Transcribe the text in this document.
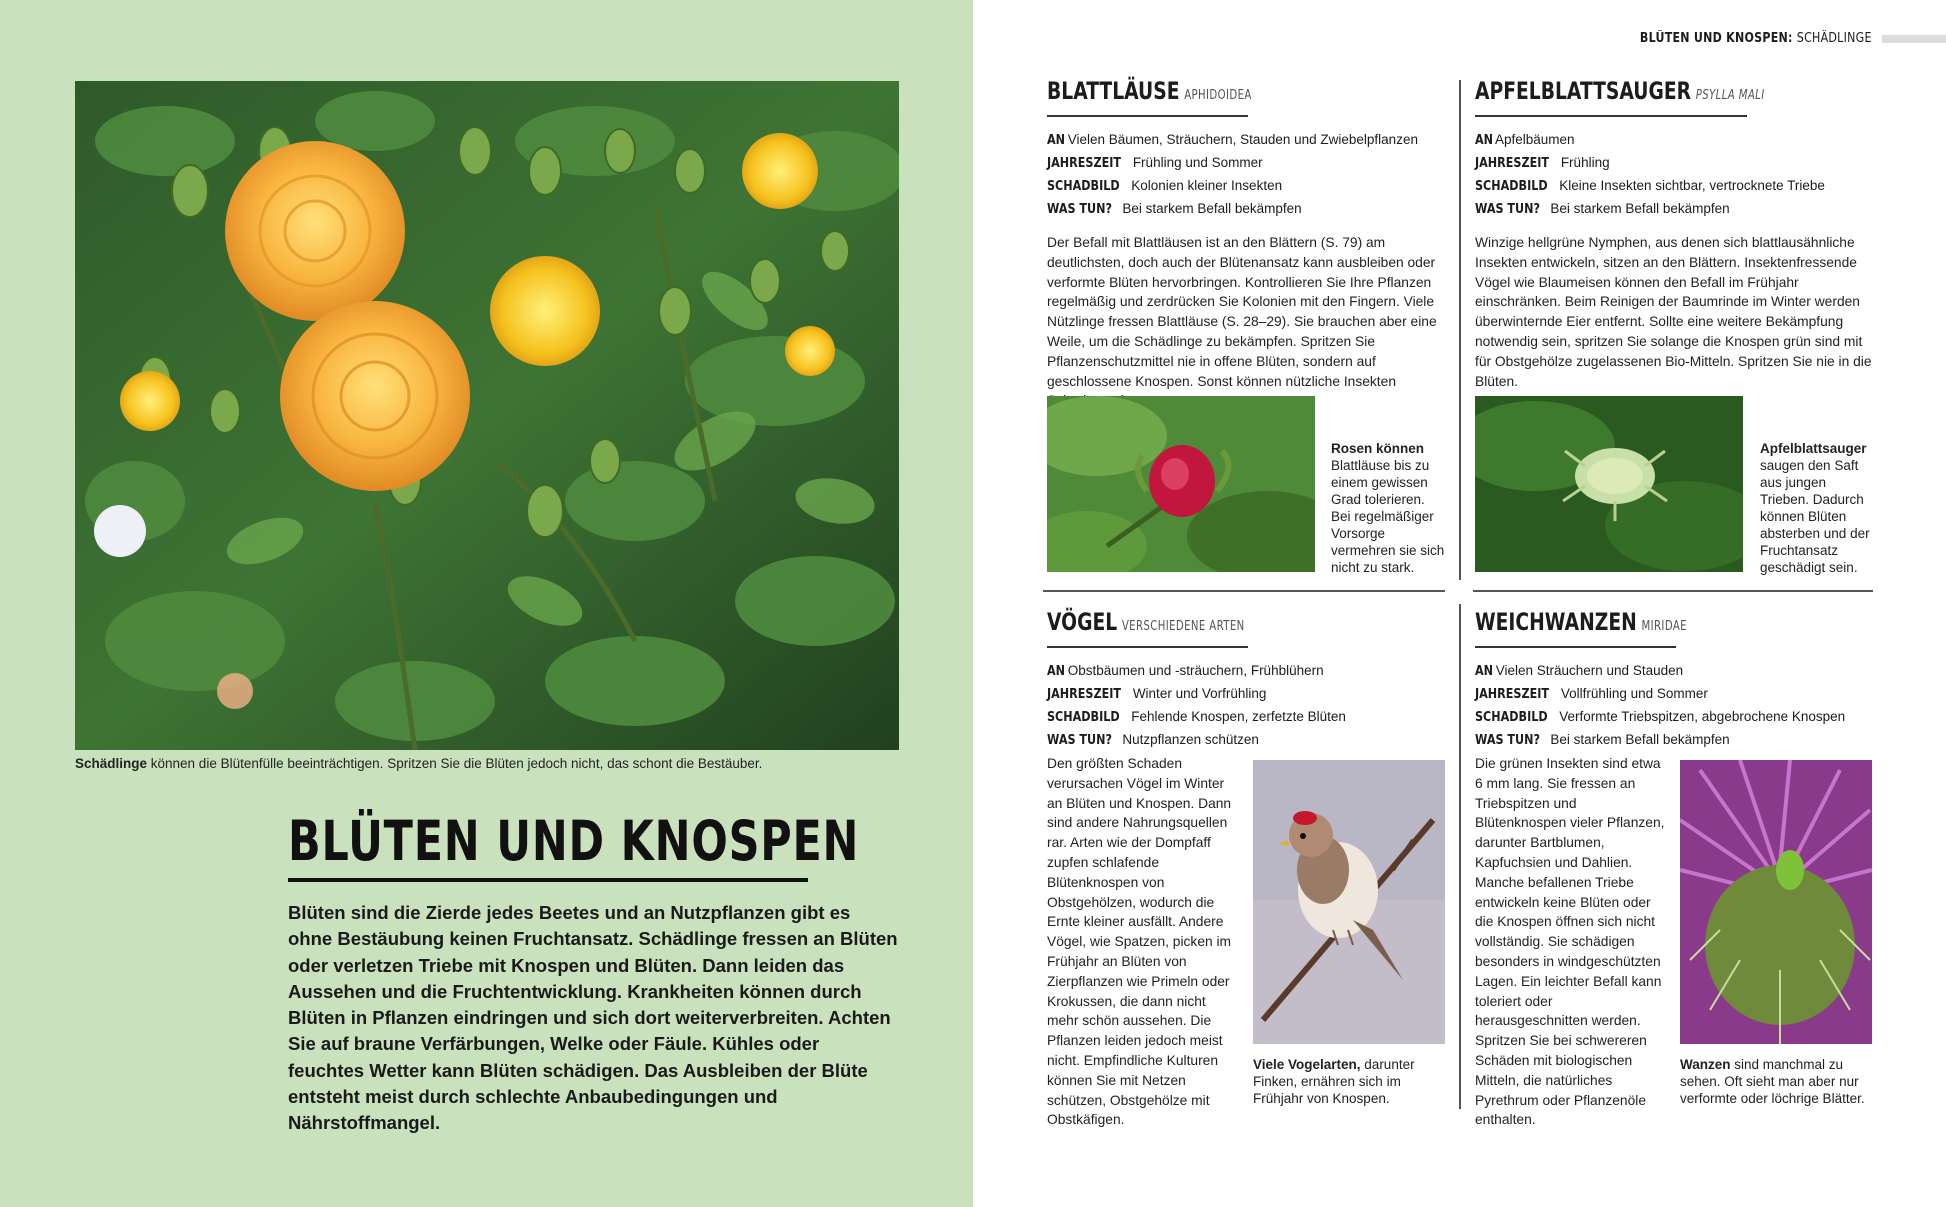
Schädlinge können die Blütenfülle beeinträchtigen. Spritzen Sie die Blüten jedoch nicht, das schont die Bestäuber.

BLÜTEN UND KNOSPEN

Blüten sind die Zierde jedes Beetes und an Nutzpflanzen gibt es ohne Bestäubung keinen Fruchtansatz. Schädlinge fressen an Blüten oder verletzen Triebe mit Knospen und Blüten. Dann leiden das Aussehen und die Fruchtentwicklung. Krankheiten können durch Blüten in Pflanzen eindringen und sich dort weiterverbreiten. Achten Sie auf braune Verfärbungen, Welke oder Fäule. Kühles oder feuchtes Wetter kann Blüten schädigen. Das Ausbleiben der Blüte entsteht meist durch schlechte Anbaubedingungen und Nährstoffmangel.

BLÜTEN UND KNOSPEN: SCHÄDLINGE
BLATTLÄUSE APHIDOIDEA
AN Vielen Bäumen, Sträuchern, Stauden und Zwiebelpflanzen
JAHRESZEIT Frühling und Sommer
SCHADBILD Kolonien kleiner Insekten
WAS TUN? Bei starkem Befall bekämpfen

Der Befall mit Blattläusen ist an den Blättern (S. 79) am deutlichsten, doch auch der Blütenansatz kann ausbleiben oder verformte Blüten hervorbringen. Kontrollieren Sie Ihre Pflanzen regelmäßig und zerdrücken Sie Kolonien mit den Fingern. Viele Nützlinge fressen Blattläuse (S. 28–29). Sie brauchen aber eine Weile, um die Schädlinge zu bekämpfen. Spritzen Sie Pflanzenschutzmittel nie in offene Blüten, sondern auf geschlossene Knospen. Sonst können nützliche Insekten

Rosen können
Blattläuse bis zu einem gewissen Grad tolerieren. Bei regelmäßiger Vorsorge vermehren sie sich nicht zu stark.

APFELBLATTSAUGER PSYLLA MALI
AN Apfelbäumen
JAHRESZEIT Frühling
SCHADBILD Kleine Insekten sichtbar, vertrocknete Triebe
WAS TUN? Bei starkem Befall bekämpfen

Winzige hellgrüne Nymphen, aus denen sich blattlausähnliche Insekten entwickeln, sitzen an den Blättern. Insektenfressende Vögel wie Blaumeisen können den Befall im Frühjahr einschränken. Beim Reinigen der Baumrinde im Winter werden überwinternde Eier entfernt. Sollte eine weitere Bekämpfung notwendig sein, spritzen Sie solange die Knospen grün sind mit für Obstgehölze zugelassenen Bio-Mitteln. Spritzen Sie nie in die Blüten.

Apfelblattsauger saugen den Saft aus jungen Trieben. Dadurch können Blüten absterben und der Fruchtansatz geschädigt sein.

VÖGEL VERSCHIEDENE ARTEN
AN Obstbäumen und -sträuchern, Frühblühern
JAHRESZEIT Winter und Vorfrühling
SCHADBILD Fehlende Knospen, zerfetzte Blüten
WAS TUN? Nutzpflanzen schützen

Den größten Schaden verursachen Vögel im Winter an Blüten und Knospen. Dann sind andere Nahrungsquellen rar. Arten wie der Dompfaff zupfen schlafende Blütenknospen von Obstgehölzen, wodurch die Ernte kleiner ausfällt. Andere Vögel, wie Spatzen, picken im Frühjahr an Blüten von Zierpflanzen wie Primeln oder Krokussen, die dann nicht mehr schön aussehen. Die Pflanzen leiden jedoch meist nicht. Empfindliche Kulturen können Sie mit Netzen schützen, Obstgehölze mit Obstkäfigen.

Viele Vogelarten, darunter Finken, ernähren sich im Frühjahr von Knospen.

WEICHWANZEN MIRIDAE
AN Vielen Sträuchern und Stauden
JAHRESZEIT Vollfrühling und Sommer
SCHADBILD Verformte Triebspitzen, abgebrochene Knospen
WAS TUN? Bei starkem Befall bekämpfen

Die grünen Insekten sind etwa 6 mm lang. Sie fressen an Triebspitzen und Blütenknospen vieler Pflanzen, darunter Bartblumen, Kapfuchsien und Dahlien. Manche befallenen Triebe entwickeln keine Blüten oder die Knospen öffnen sich nicht vollständig. Sie schädigen besonders in windgeschützten Lagen. Ein leichter Befall kann toleriert oder herausgeschnitten werden. Spritzen Sie bei schwereren Schäden mit biologischen Mitteln, die natürliches Pyrethrum oder Pflanzenöle enthalten.

Wanzen sind manchmal zu sehen. Oft sieht man aber nur verformte oder löchrige Blätter.
